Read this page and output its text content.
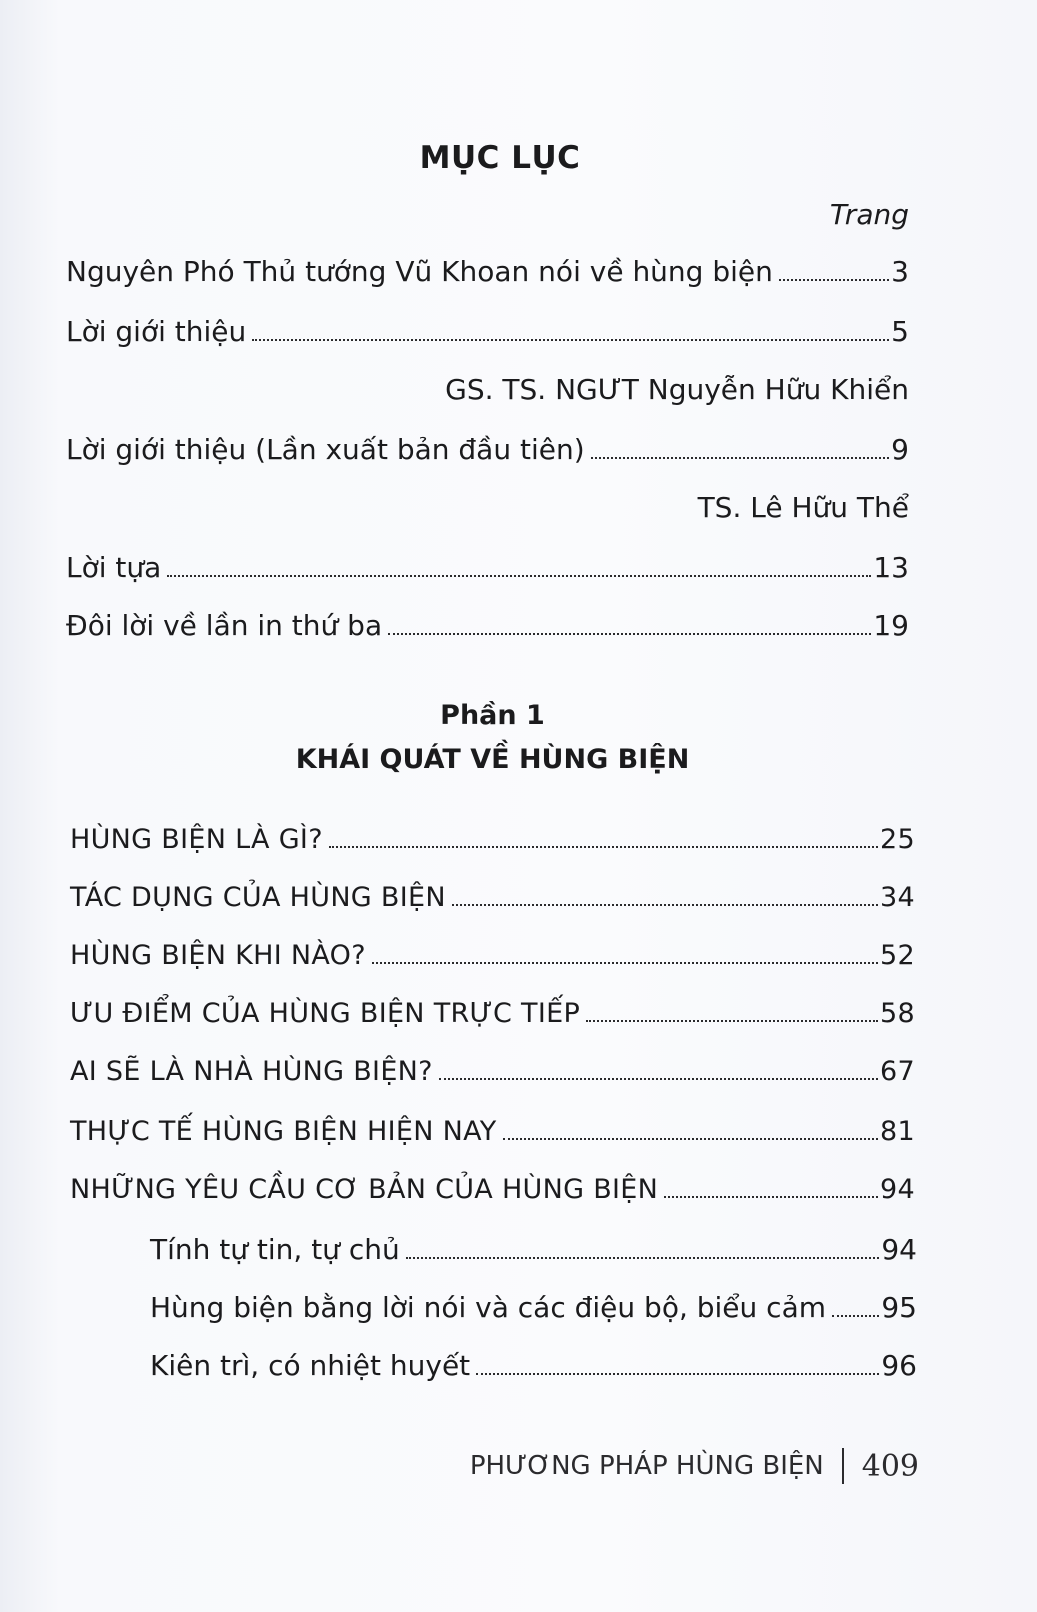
MỤC LỤC
Trang
Nguyên Phó Thủ tướng Vũ Khoan nói về hùng biện	3
Lời giới thiệu	5
GS. TS. NGƯT Nguyễn Hữu Khiển
Lời giới thiệu (Lần xuất bản đầu tiên)	9
TS. Lê Hữu Thể
Lời tựa	13
Đôi lời về lần in thứ ba	19
Phần 1
KHÁI QUÁT VỀ HÙNG BIỆN
HÙNG BIỆN LÀ GÌ?	25
TÁC DỤNG CỦA HÙNG BIỆN	34
HÙNG BIỆN KHI NÀO?	52
ƯU ĐIỂM CỦA HÙNG BIỆN TRỰC TIẾP	58
AI SẼ LÀ NHÀ HÙNG BIỆN?	67
THỰC TẾ HÙNG BIỆN HIỆN NAY	81
NHỮNG YÊU CẦU CƠ BẢN CỦA HÙNG BIỆN	94
Tính tự tin, tự chủ	94
Hùng biện bằng lời nói và các điệu bộ, biểu cảm 95
Kiên trì, có nhiệt huyết	96
PHƯƠNG PHÁP HÙNG BIỆN 409
